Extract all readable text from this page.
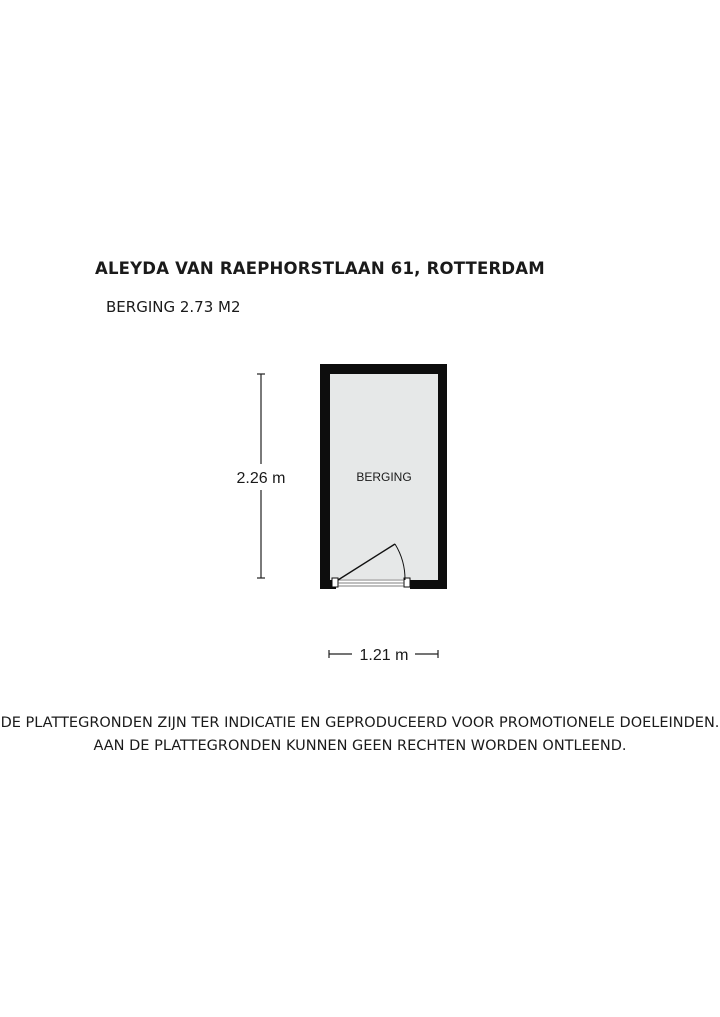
ALEYDA VAN RAEPHORSTLAAN 61, ROTTERDAM
BERGING 2.73 M2
2.26 m	BERGING
1.21 m
DE PLATTEGRONDEN ZIJN TER INDICATIE EN GEPRODUCEERD VOOR PROMOTIONELE DOELEINDEN.
AAN DE PLATTEGRONDEN KUNNEN GEEN RECHTEN WORDEN ONTLEEND.
